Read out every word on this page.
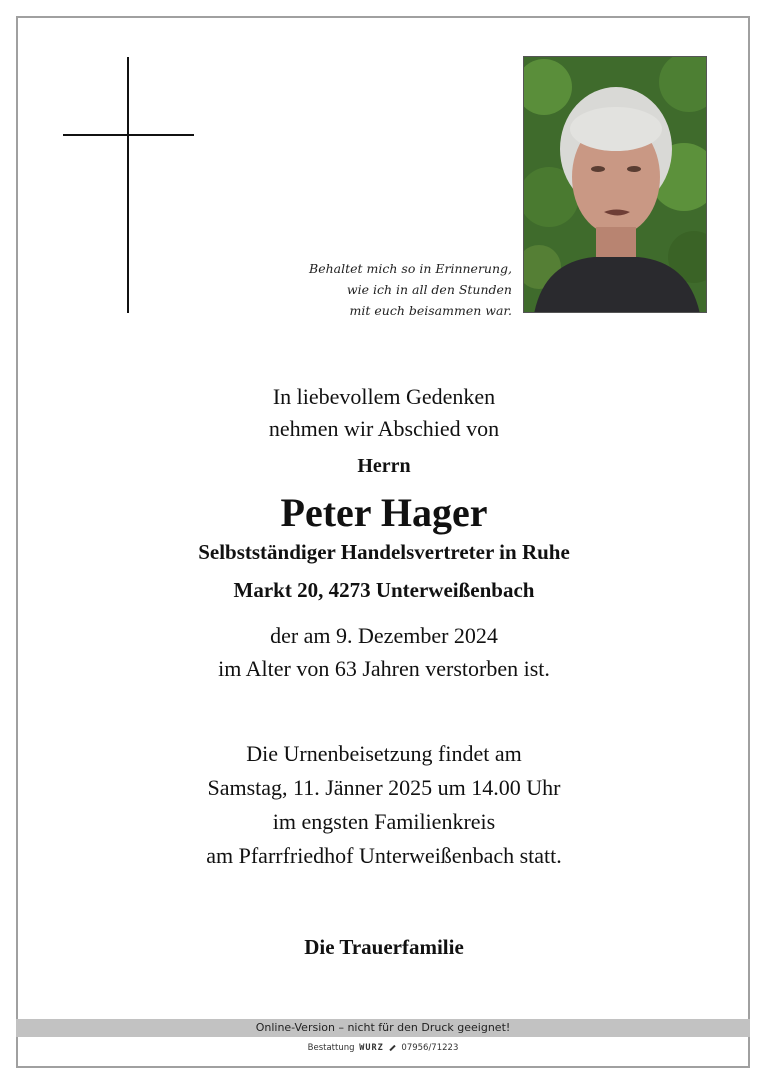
Behaltet mich so in Erinnerung,
wie ich in all den Stunden
mit euch beisammen war.
In liebevollem Gedenken
nehmen wir Abschied von
Herrn
Peter Hager
Selbstständiger Handelsvertreter in Ruhe
Markt 20, 4273 Unterweißenbach
der am 9. Dezember 2024
im Alter von 63 Jahren verstorben ist.
Die Urnenbeisetzung findet am
Samstag, 11. Jänner 2025 um 14.00 Uhr
im engsten Familienkreis
am Pfarrfriedhof Unterweißenbach statt.
Die Trauerfamilie
Online-Version – nicht für den Druck geeignet!
Bestattung WURZ 07956/71223
